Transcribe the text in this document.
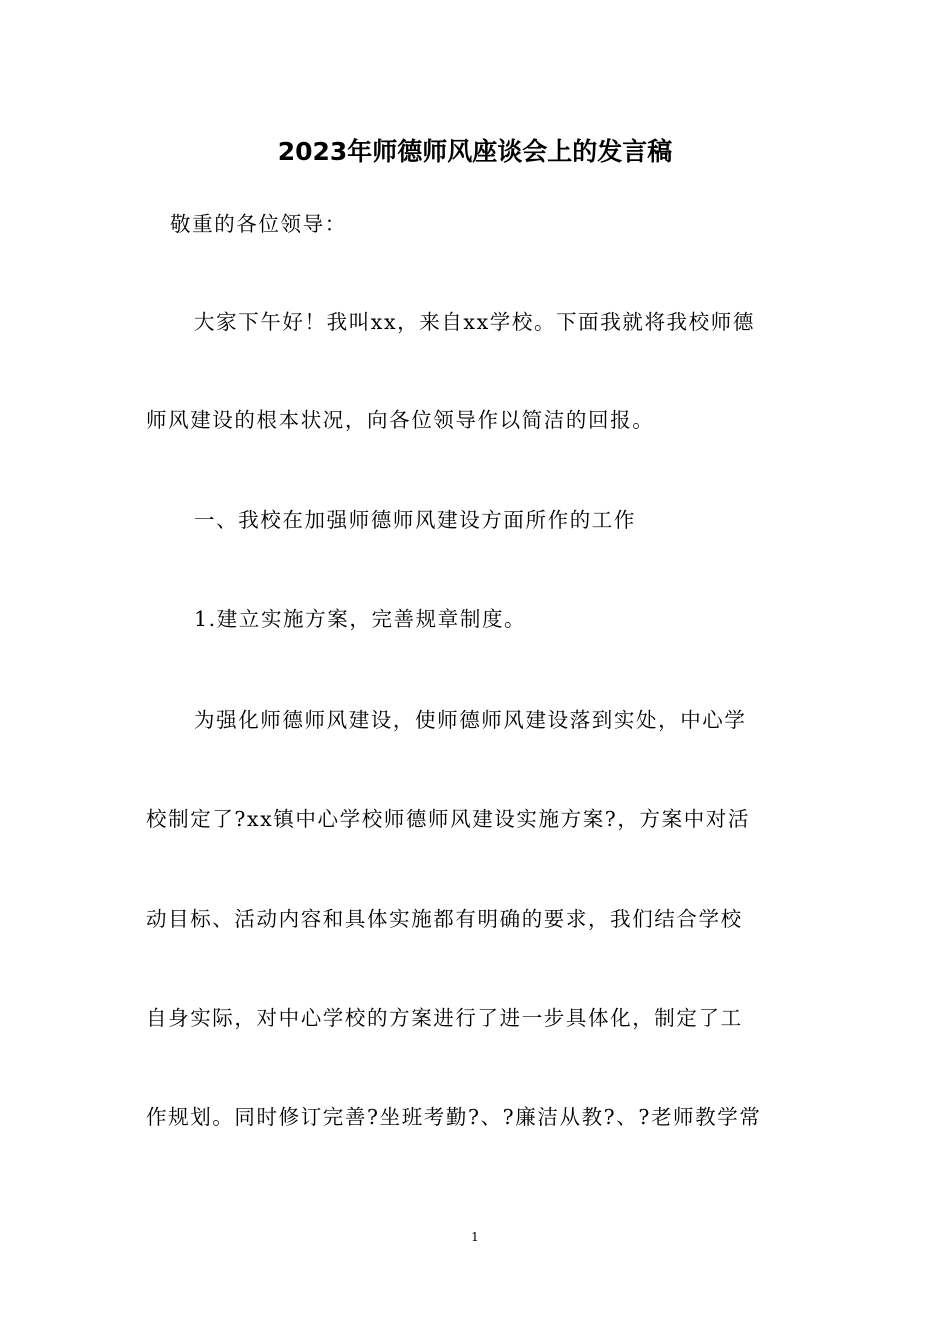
2023年师德师风座谈会上的发言稿
敬重的各位领导：
大家下午好！我叫xx，来自xx学校。下面我就将我校师德
师风建设的根本状况，向各位领导作以简洁的回报。
一、我校在加强师德师风建设方面所作的工作
1.建立实施方案，完善规章制度。
为强化师德师风建设，使师德师风建设落到实处，中心学
校制定了?xx镇中心学校师德师风建设实施方案?，方案中对活
动目标、活动内容和具体实施都有明确的要求，我们结合学校
自身实际，对中心学校的方案进行了进一步具体化，制定了工
作规划。同时修订完善?坐班考勤?、?廉洁从教?、?老师教学常
1
